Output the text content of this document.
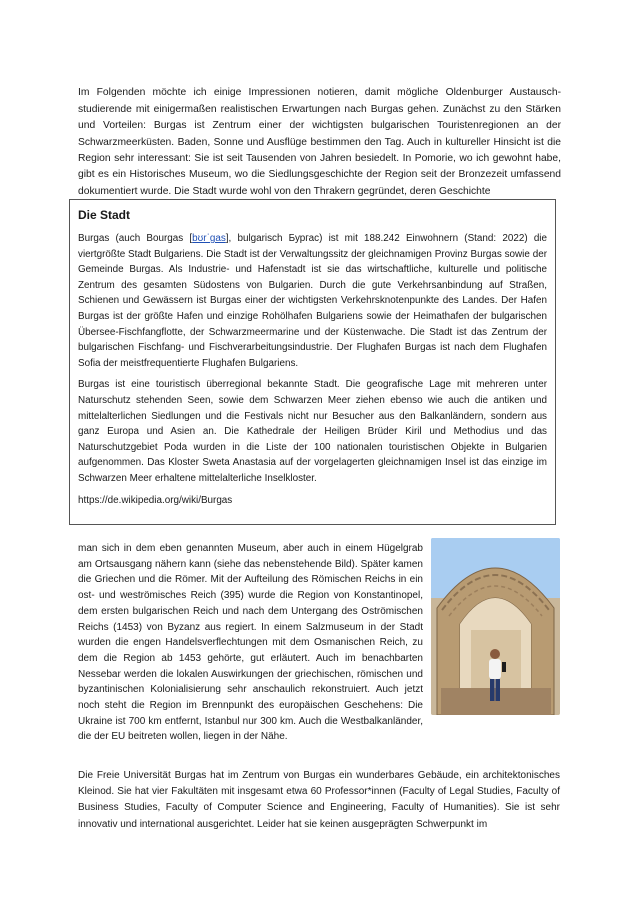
Im Folgenden möchte ich einige Impressionen notieren, damit mögliche Oldenburger Austauschstudierende mit einigermaßen realistischen Erwartungen nach Burgas gehen. Zunächst zu den Stärken und Vorteilen: Burgas ist Zentrum einer der wichtigsten bulgarischen Touristenregionen an der Schwarzmeerküsten. Baden, Sonne und Ausflüge bestimmen den Tag. Auch in kultureller Hinsicht ist die Region sehr interessant: Sie ist seit Tausenden von Jahren besiedelt. In Pomorie, wo ich gewohnt habe, gibt es ein Historisches Museum, wo die Siedlungsgeschichte der Region seit der Bronzezeit umfassend dokumentiert wurde. Die Stadt wurde wohl von den Thrakern gegründet, deren Geschichte

Die Stadt

Burgas (auch Bourgas [bʊrˈgas], bulgarisch Бургас) ist mit 188.242 Einwohnern (Stand: 2022) die viertgrößte Stadt Bulgariens. Die Stadt ist der Verwaltungssitz der gleichnamigen Provinz Burgas sowie der Gemeinde Burgas. Als Industrie- und Hafenstadt ist sie das wirtschaftliche, kulturelle und politische Zentrum des gesamten Südostens von Bulgarien. Durch die gute Verkehrsanbindung auf Straßen, Schienen und Gewässern ist Burgas einer der wichtigsten Verkehrsknotenpunkte des Landes. Der Hafen Burgas ist der größte Hafen und einzige Rohölhafen Bulgariens sowie der Heimathafen der bulgarischen Übersee-Fischfangflotte, der Schwarzmeermarine und der Küstenwache. Die Stadt ist das Zentrum der bulgarischen Fischfang- und Fischverarbeitungsindustrie. Der Flughafen Burgas ist nach dem Flughafen Sofia der meistfrequentierte Flughafen Bulgariens.

Burgas ist eine touristisch überregional bekannte Stadt. Die geografische Lage mit mehreren unter Naturschutz stehenden Seen, sowie dem Schwarzen Meer ziehen ebenso wie auch die antiken und mittelalterlichen Siedlungen und die Festivals nicht nur Besucher aus den Balkanländern, sondern aus ganz Europa und Asien an. Die Kathedrale der Heiligen Brüder Kiril und Methodius und das Naturschutzgebiet Poda wurden in die Liste der 100 nationalen touristischen Objekte in Bulgarien aufgenommen. Das Kloster Sweta Anastasia auf der vorgelagerten gleichnamigen Insel ist das einzige im Schwarzen Meer erhaltene mittelalterliche Inselkloster.

https://de.wikipedia.org/wiki/Burgas

man sich in dem eben genannten Museum, aber auch in einem Hügelgrab am Ortsausgang nähern kann (siehe das nebenstehende Bild). Später kamen die Griechen und die Römer. Mit der Aufteilung des Römischen Reichs in ein ost- und weströmisches Reich (395) wurde die Region von Konstantinopel, dem ersten bulgarischen Reich und nach dem Untergang des Oströmischen Reichs (1453) von Byzanz aus regiert. In einem Salzmuseum in der Stadt wurden die engen Handelsverflechtungen mit dem Osmanischen Reich, zu dem die Region ab 1453 gehörte, gut erläutert. Auch im benachbarten Nessebar werden die lokalen Auswirkungen der griechischen, römischen und byzantinischen Kolonialisierung sehr anschaulich rekonstruiert. Auch jetzt noch steht die Region im Brennpunkt des europäischen Geschehens: Die Ukraine ist 700 km entfernt, Istanbul nur 300 km. Auch die Westbalkanländer, die der EU beitreten wollen, liegen in der Nähe.

Die Freie Universität Burgas hat im Zentrum von Burgas ein wunderbares Gebäude, ein architektonisches Kleinod. Sie hat vier Fakultäten mit insgesamt etwa 60 Professor*innen (Faculty of Legal Studies, Faculty of Business Studies, Faculty of Computer Science and Engineering, Faculty of Humanities). Sie ist sehr innovativ und international ausgerichtet. Leider hat sie keinen ausgeprägten Schwerpunkt im
